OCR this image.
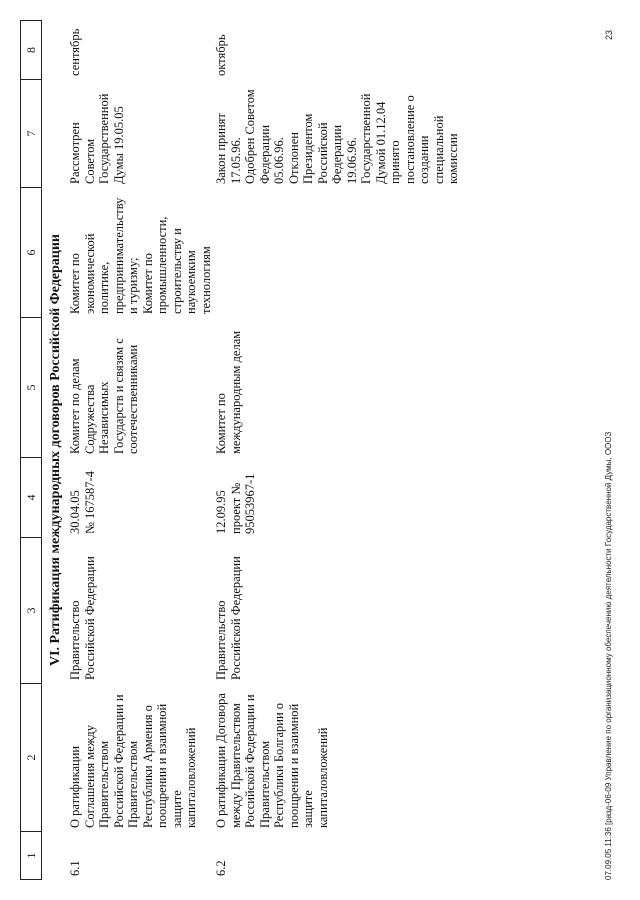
1
2
3
4
5
6
7
8
VI. Ратификация международных договоров Российской Федерации
6.1
О ратификации
Соглашения между
Правительством
Российской Федерации и
Правительством
Республики Армения о
поощрении и взаимной
защите
капиталовложений
Правительство
Российской Федерации
30.04.05
№ 167587-4
Комитет по делам
Содружества
Независимых
Государств и связям с
соотечественниками
Комитет по
экономической
политике,
предпринимательству
и туризму;
Комитет по
промышленности,
строительству и
наукоемким
технологиям
Рассмотрен
Советом
Государственной
Думы 19.05.05
сентябрь
6.2
О ратификации Договора
между Правительством
Российской Федерации и
Правительством
Республики Болгарии о
поощрении и взаимной
защите
капиталовложений
Правительство
Российской Федерации
12.09.95
проект №
95053967-1
Комитет по
международным делам
Закон принят
17.05.96.
Одобрен Советом
Федерации
05.06.96.
Отклонен
Президентом
Российской
Федерации
19.06.96.
Государственной
Думой 01.12.04
принято
постановление о
создании
специальной
комиссии
октябрь
07.09.05 11:36 [разд-06-09 Управление по организационному обеспечению деятельности Государственной Думы, ОООЗ
23
